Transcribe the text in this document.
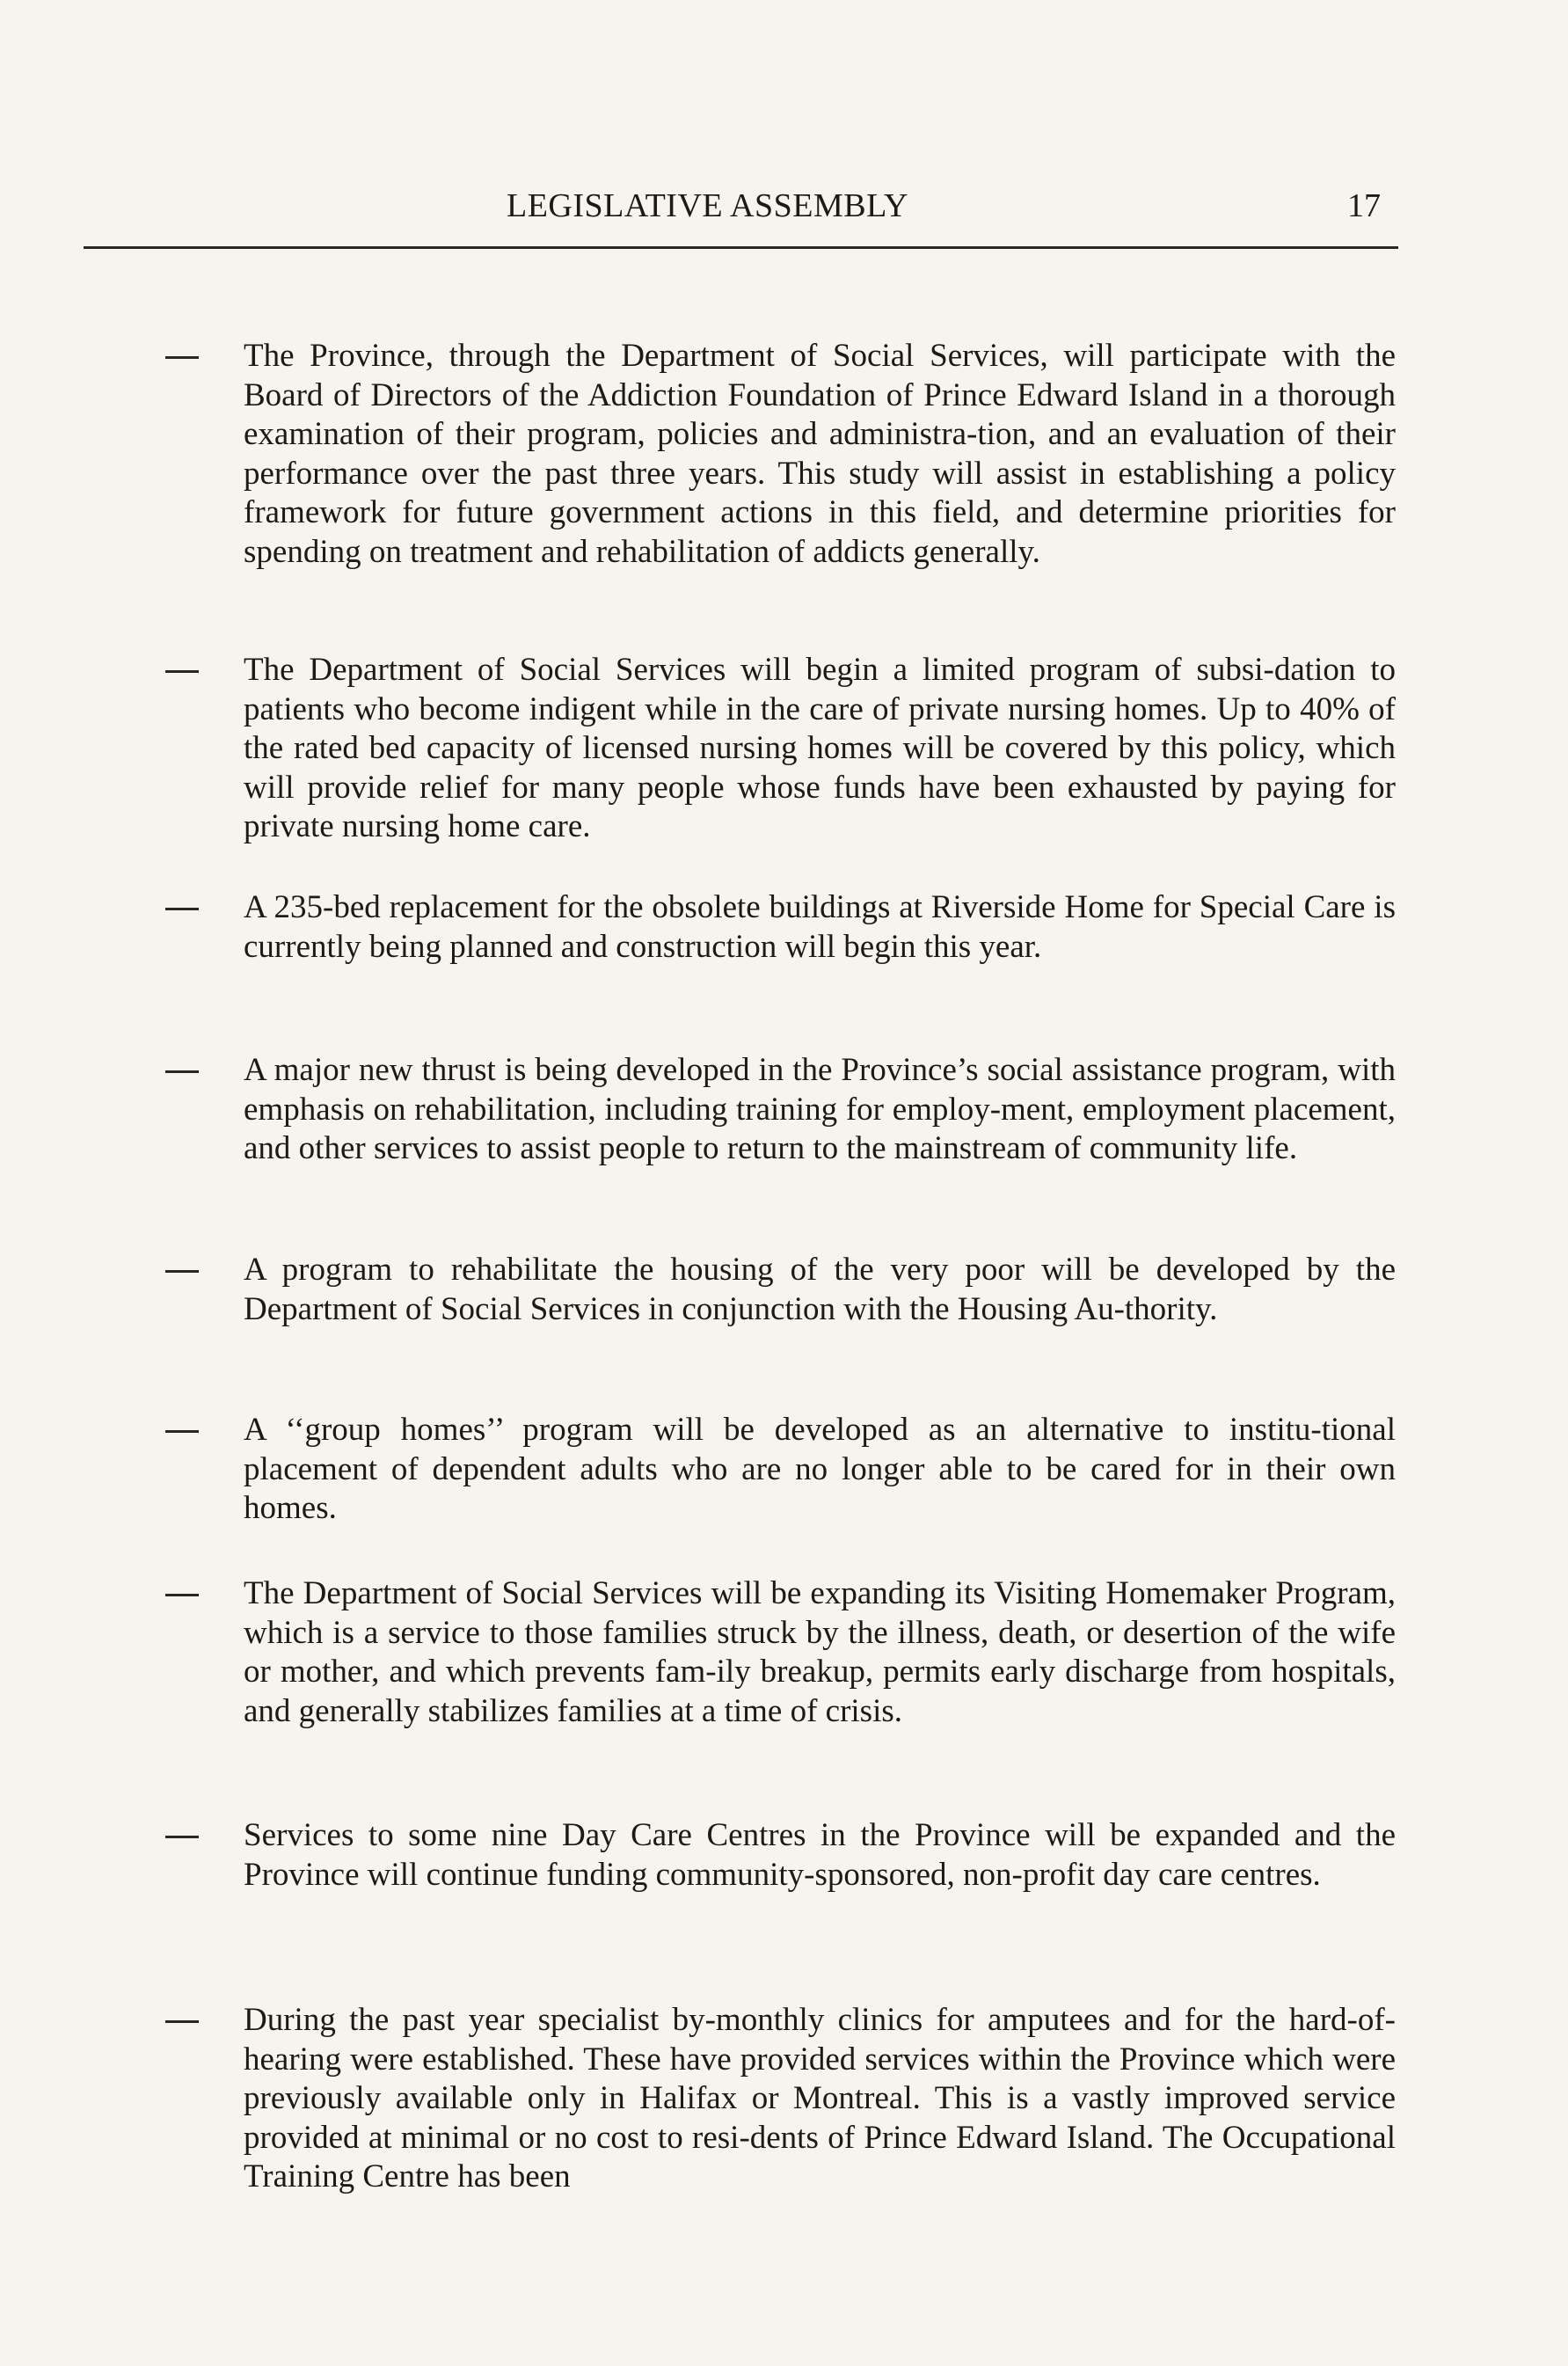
LEGISLATIVE ASSEMBLY	17

The Province, through the Department of Social Services, will participate with the Board of Directors of the Addiction Foundation of Prince Edward Island in a thorough examination of their program, policies and administra-tion, and an evaluation of their performance over the past three years. This study will assist in establishing a policy framework for future government actions in this field, and determine priorities for spending on treatment and rehabilitation of addicts generally.

The Department of Social Services will begin a limited program of subsi-dation to patients who become indigent while in the care of private nursing homes. Up to 40% of the rated bed capacity of licensed nursing homes will be covered by this policy, which will provide relief for many people whose funds have been exhausted by paying for private nursing home care.

A 235-bed replacement for the obsolete buildings at Riverside Home for Special Care is currently being planned and construction will begin this year.

A major new thrust is being developed in the Province’s social assistance program, with emphasis on rehabilitation, including training for employ-ment, employment placement, and other services to assist people to return to the mainstream of community life.

A program to rehabilitate the housing of the very poor will be developed by the Department of Social Services in conjunction with the Housing Au-thority.

A ‘‘group homes’’ program will be developed as an alternative to institu-tional placement of dependent adults who are no longer able to be cared for in their own homes.

The Department of Social Services will be expanding its Visiting Homemaker Program, which is a service to those families struck by the illness, death, or desertion of the wife or mother, and which prevents fam-ily breakup, permits early discharge from hospitals, and generally stabilizes families at a time of crisis.

Services to some nine Day Care Centres in the Province will be expanded and the Province will continue funding community-sponsored, non-profit day care centres.

During the past year specialist by-monthly clinics for amputees and for the hard-of-hearing were established. These have provided services within the Province which were previously available only in Halifax or Montreal. This is a vastly improved service provided at minimal or no cost to resi-dents of Prince Edward Island. The Occupational Training Centre has been
